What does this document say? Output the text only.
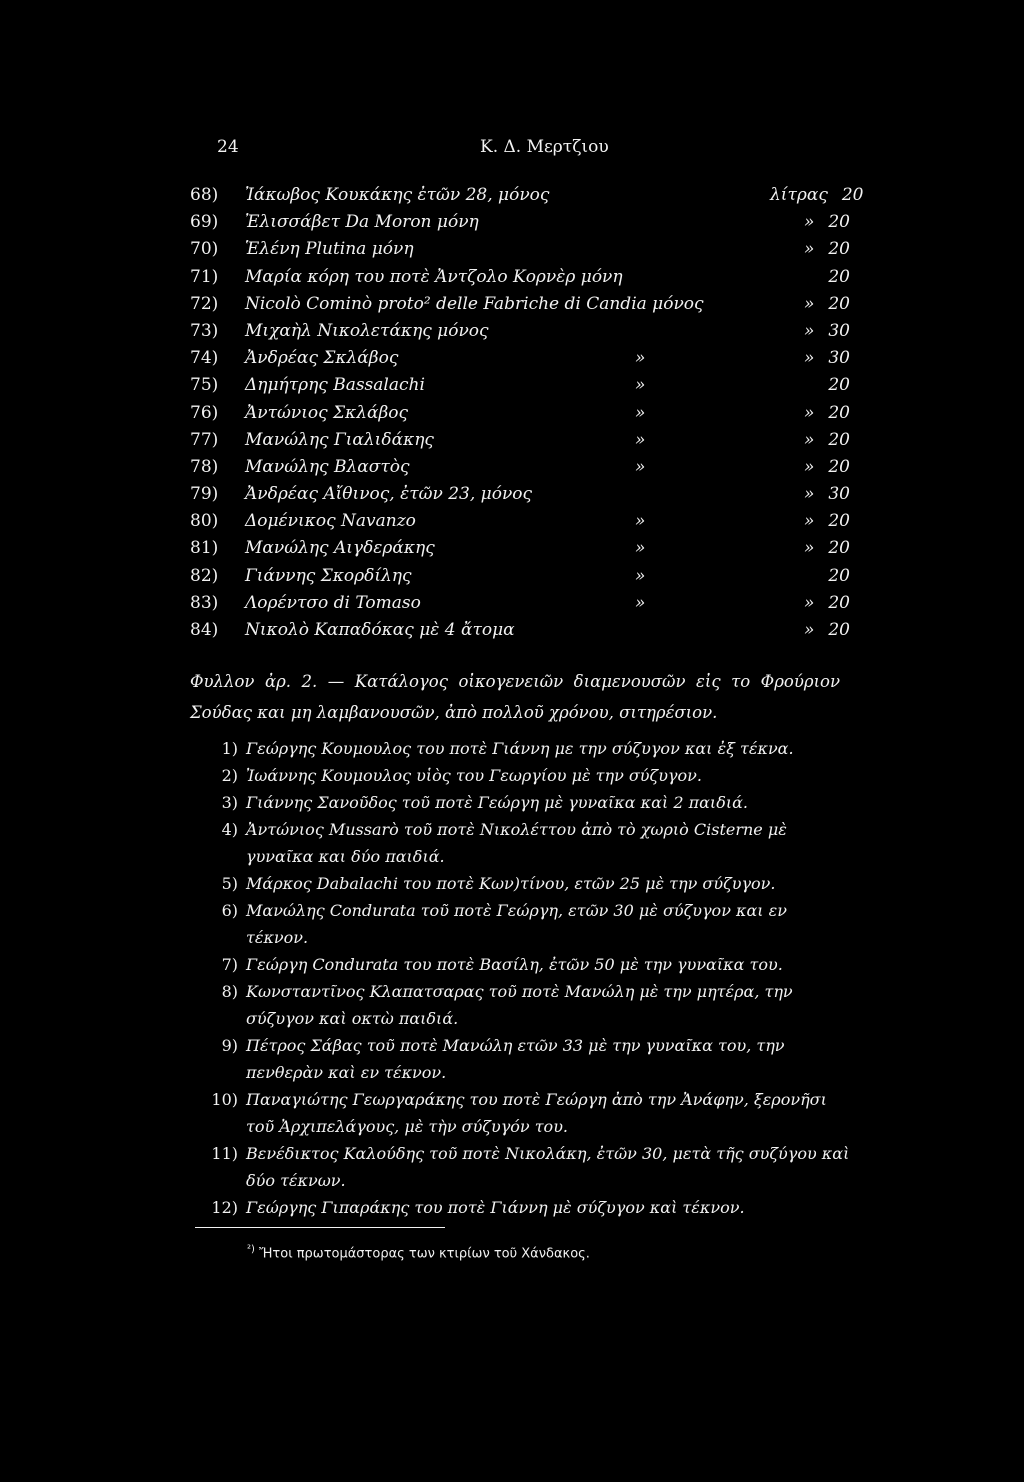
24	Κ. Δ. Μερτζιου
68) Ἰάκωβος Κουκάκης ἐτῶν 28, μόνος	λίτρας 20
69) Ἐλισσάβετ Da Moron μόνη	» 20
70) Ἑλένη Plutina μόνη	» 20
71) Μαρία κόρη του ποτὲ Ἀντζολο Κορνὲρ μόνη	20
72) Nicolò Cominò proto² delle Fabriche di Candia μόνος	» 20
73) Μιχαὴλ Νικολετάκης μόνος	» 30
74) Ἀνδρέας Σκλάβος	»	» 30
75) Δημήτρης Bassalachi	»	20
76) Ἀντώνιος Σκλάβος	»	» 20
77) Μανώλης Γιαλιδάκης	»	» 20
78) Μανώλης Βλαστὸς	»	» 20
79) Ἀνδρέας Αἴθινος, ἐτῶν 23, μόνος	» 30
80) Δομένικος Navanzo	»	» 20
81) Μανώλης Αιγδεράκης	»	» 20
82) Γιάννης Σκορδίλης	»	20
83) Λορέντσο di Tomaso	»	» 20
84) Νικολὸ Καπαδόκας μὲ 4 ἄτομα	» 20
Φυλλον ἀρ. 2. — Κατάλογος οἰκογενειῶν διαμενουσῶν εἰς το Φρούριον Σούδας και μη λαμβανουσῶν, ἀπὸ πολλοῦ χρόνου, σιτηρέσιον.
1) Γεώργης Κουμουλος του ποτὲ Γιάννη με την σύζυγον και ἐξ τέκνα.
2) Ἰωάννης Κουμουλος υἱὸς του Γεωργίου μὲ την σύζυγον.
3) Γιάννης Σανοῦδος τοῦ ποτὲ Γεώργη μὲ γυναῖκα καὶ 2 παιδιά.
4) Ἀντώνιος Mussarò τοῦ ποτὲ Νικολέττου ἀπὸ τὸ χωριὸ Cisterne μὲ γυναῖκα και δύο παιδιά.
5) Μάρκος Dabalachi του ποτὲ Κων)τίνου, ετῶν 25 μὲ την σύζυγον.
6) Μανώλης Condurata τοῦ ποτὲ Γεώργη, ετῶν 30 μὲ σύζυγον και εν τέκνον.
7) Γεώργη Condurata του ποτὲ Βασίλη, ἐτῶν 50 μὲ την γυναῖκα του.
8) Κωνσταντῖνος Κλαπατσαρας τοῦ ποτὲ Μανώλη μὲ την μητέρα, την σύζυγον καὶ οκτὼ παιδιά.
9) Πέτρος Σάβας τοῦ ποτὲ Μανώλη ετῶν 33 μὲ την γυναῖκα του, την πενθερὰν καὶ εν τέκνον.
10) Παναγιώτης Γεωργαράκης του ποτὲ Γεώργη ἀπὸ την Ἀνάφην, ξερονῆσι τοῦ Ἀρχιπελάγους, μὲ τὴν σύζυγόν του.
11) Βενέδικτος Καλούδης τοῦ ποτὲ Νικολάκη, ἐτῶν 30, μετὰ τῆς συζύγου καὶ δύο τέκνων.
12) Γεώργης Γιπαράκης του ποτὲ Γιάννη μὲ σύζυγον καὶ τέκνον.
$^{^2)}$ Ἤτοι πρωτομάστορας των κτιρίων τοῦ Χάνδακος.
